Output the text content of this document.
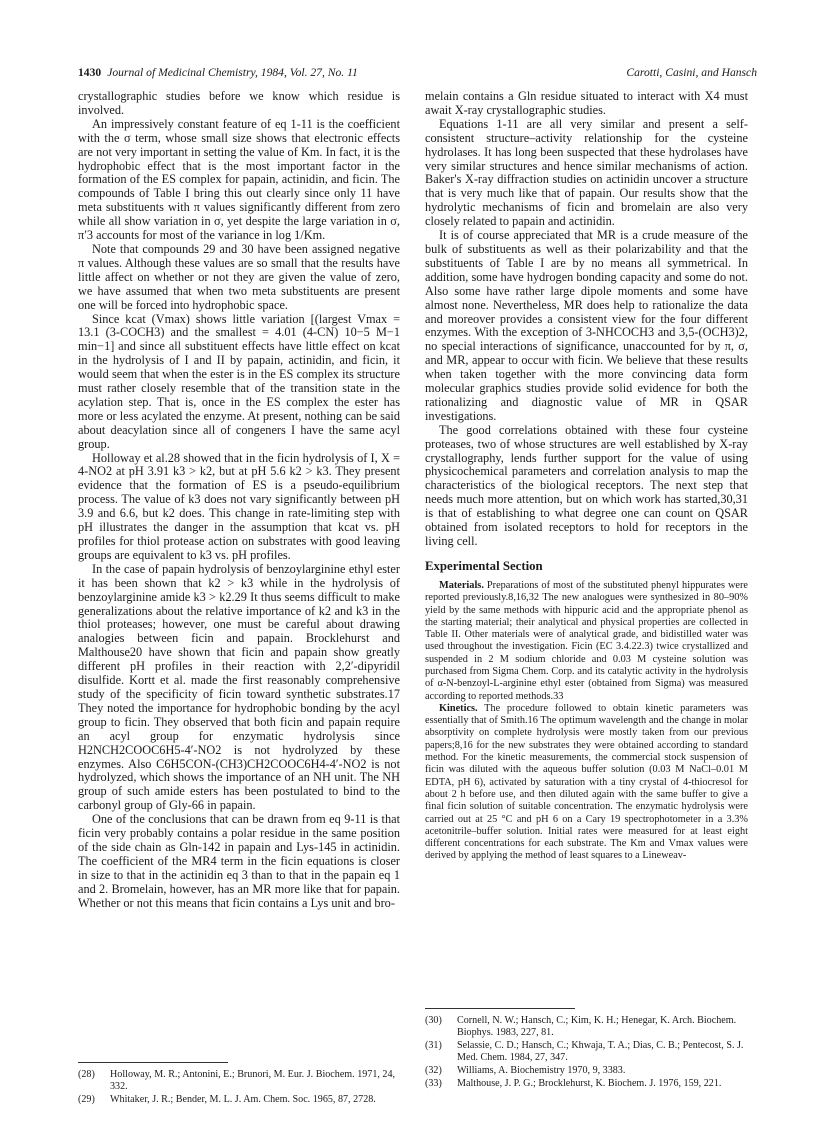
1430 Journal of Medicinal Chemistry, 1984, Vol. 27, No. 11	Carotti, Casini, and Hansch

crystallographic studies before we know which residue is involved.

An impressively constant feature of eq 1-11 is the coefficient with the σ term, whose small size shows that electronic effects are not very important in setting the value of Km. In fact, it is the hydrophobic effect that is the most important factor in the formation of the ES complex for papain, actinidin, and ficin. The compounds of Table I bring this out clearly since only 11 have meta substituents with π values significantly different from zero while all show variation in σ, yet despite the large variation in σ, π′3 accounts for most of the variance in log 1/Km.

Note that compounds 29 and 30 have been assigned negative π values. Although these values are so small that the results have little affect on whether or not they are given the value of zero, we have assumed that when two meta substituents are present one will be forced into hydrophobic space.

Since kcat (Vmax) shows little variation [(largest Vmax = 13.1 (3-COCH3) and the smallest = 4.01 (4-CN) 10−5 M−1 min−1] and since all substituent effects have little effect on kcat in the hydrolysis of I and II by papain, actinidin, and ficin, it would seem that when the ester is in the ES complex its structure must rather closely resemble that of the transition state in the acylation step. That is, once in the ES complex the ester has more or less acylated the enzyme. At present, nothing can be said about deacylation since all of congeners I have the same acyl group.

Holloway et al.28 showed that in the ficin hydrolysis of I, X = 4-NO2 at pH 3.91 k3 > k2, but at pH 5.6 k2 > k3. They present evidence that the formation of ES is a pseudo-equilibrium process. The value of k3 does not vary significantly between pH 3.9 and 6.6, but k2 does. This change in rate-limiting step with pH illustrates the danger in the assumption that kcat vs. pH profiles for thiol protease action on substrates with good leaving groups are equivalent to k3 vs. pH profiles.

In the case of papain hydrolysis of benzoylarginine ethyl ester it has been shown that k2 > k3 while in the hydrolysis of benzoylarginine amide k3 > k2.29 It thus seems difficult to make generalizations about the relative importance of k2 and k3 in the thiol proteases; however, one must be careful about drawing analogies between ficin and papain. Brocklehurst and Malthouse20 have shown that ficin and papain show greatly different pH profiles in their reaction with 2,2′-dipyridil disulfide. Kortt et al. made the first reasonably comprehensive study of the specificity of ficin toward synthetic substrates.17 They noted the importance for hydrophobic bonding by the acyl group to ficin. They observed that both ficin and papain require an acyl group for enzymatic hydrolysis since H2NCH2COOC6H5-4′-NO2 is not hydrolyzed by these enzymes. Also C6H5CON-(CH3)CH2COOC6H4-4′-NO2 is not hydrolyzed, which shows the importance of an NH unit. The NH group of such amide esters has been postulated to bind to the carbonyl group of Gly-66 in papain.

One of the conclusions that can be drawn from eq 9-11 is that ficin very probably contains a polar residue in the same position of the side chain as Gln-142 in papain and Lys-145 in actinidin. The coefficient of the MR4 term in the ficin equations is closer in size to that in the actinidin eq 3 than to that in the papain eq 1 and 2. Bromelain, however, has an MR more like that for papain. Whether or not this means that ficin contains a Lys unit and bro-

melain contains a Gln residue situated to interact with X4 must await X-ray crystallographic studies.

Equations 1-11 are all very similar and present a self-consistent structure–activity relationship for the cysteine hydrolases. It has long been suspected that these hydrolases have very similar structures and hence similar mechanisms of action. Baker's X-ray diffraction studies on actinidin uncover a structure that is very much like that of papain. Our results show that the hydrolytic mechanisms of ficin and bromelain are also very closely related to papain and actinidin.

It is of course appreciated that MR is a crude measure of the bulk of substituents as well as their polarizability and that the substituents of Table I are by no means all symmetrical. In addition, some have hydrogen bonding capacity and some do not. Also some have rather large dipole moments and some have almost none. Nevertheless, MR does help to rationalize the data and moreover provides a consistent view for the four different enzymes. With the exception of 3-NHCOCH3 and 3,5-(OCH3)2, no special interactions of significance, unaccounted for by π, σ, and MR, appear to occur with ficin. We believe that these results when taken together with the more convincing data form molecular graphics studies provide solid evidence for both the rationalizing and diagnostic value of MR in QSAR investigations.

The good correlations obtained with these four cysteine proteases, two of whose structures are well established by X-ray crystallography, lends further support for the value of using physicochemical parameters and correlation analysis to map the characteristics of the biological receptors. The next step that needs much more attention, but on which work has started,30,31 is that of establishing to what degree one can count on QSAR obtained from isolated receptors to hold for receptors in the living cell.

Experimental Section

Materials. Preparations of most of the substituted phenyl hippurates were reported previously.8,16,32 The new analogues were synthesized in 80–90% yield by the same methods with hippuric acid and the appropriate phenol as the starting material; their analytical and physical properties are collected in Table II. Other materials were of analytical grade, and bidistilled water was used throughout the investigation. Ficin (EC 3.4.22.3) twice crystallized and suspended in 2 M sodium chloride and 0.03 M cysteine solution was purchased from Sigma Chem. Corp. and its catalytic activity in the hydrolysis of α-N-benzoyl-L-arginine ethyl ester (obtained from Sigma) was measured according to reported methods.33

Kinetics. The procedure followed to obtain kinetic parameters was essentially that of Smith.16 The optimum wavelength and the change in molar absorptivity on complete hydrolysis were mostly taken from our previous papers;8,16 for the new substrates they were obtained according to standard method. For the kinetic measurements, the commercial stock suspension of ficin was diluted with the aqueous buffer solution (0.03 M NaCl–0.01 M EDTA, pH 6), activated by saturation with a tiny crystal of 4-thiocresol for about 2 h before use, and then diluted again with the same buffer to give a final ficin solution of suitable concentration. The enzymatic hydrolysis were carried out at 25 °C and pH 6 on a Cary 19 spectrophotometer in a 3.3% acetonitrile–buffer solution. Initial rates were measured for at least eight different concentrations for each substrate. The Km and Vmax values were derived by applying the method of least squares to a Lineweav-

(28)	Holloway, M. R.; Antonini, E.; Brunori, M. Eur. J. Biochem. 1971, 24, 332.
(29)	Whitaker, J. R.; Bender, M. L. J. Am. Chem. Soc. 1965, 87, 2728.
(30)	Cornell, N. W.; Hansch, C.; Kim, K. H.; Henegar, K. Arch. Biochem. Biophys. 1983, 227, 81.
(31)	Selassie, C. D.; Hansch, C.; Khwaja, T. A.; Dias, C. B.; Pentecost, S. J. Med. Chem. 1984, 27, 347.
(32)	Williams, A. Biochemistry 1970, 9, 3383.
(33)	Malthouse, J. P. G.; Brocklehurst, K. Biochem. J. 1976, 159, 221.
